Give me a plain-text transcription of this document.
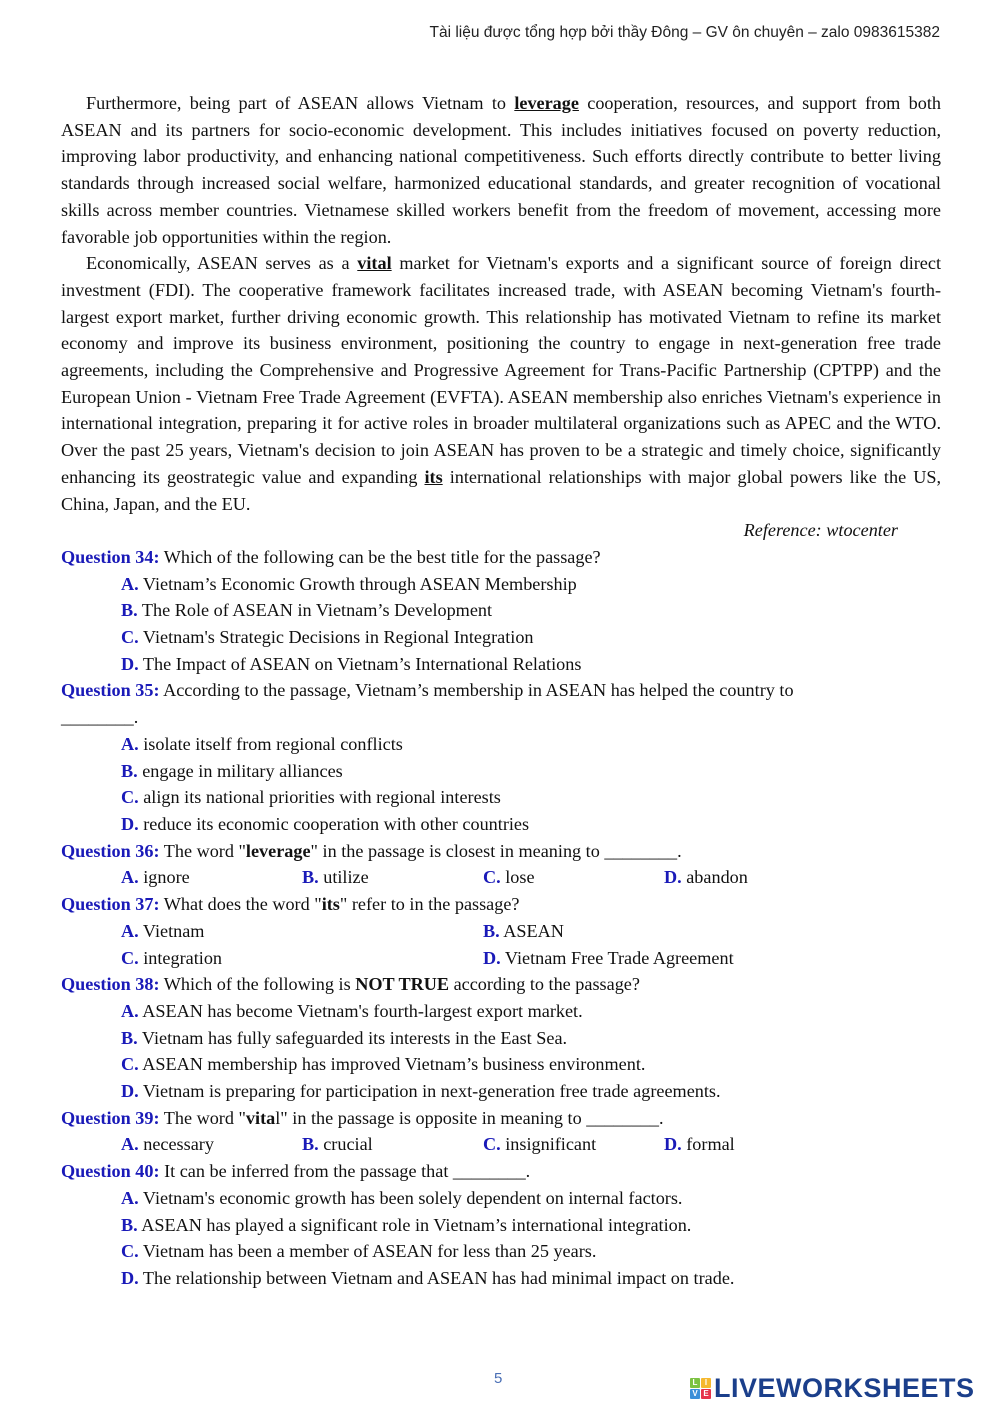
Tài liệu được tổng hợp bởi thầy Đông – GV ôn chuyên – zalo 0983615382

Furthermore, being part of ASEAN allows Vietnam to leverage cooperation, resources, and support from both ASEAN and its partners for socio-economic development. This includes initiatives focused on poverty reduction, improving labor productivity, and enhancing national competitiveness. Such efforts directly contribute to better living standards through increased social welfare, harmonized educational standards, and greater recognition of vocational skills across member countries. Vietnamese skilled workers benefit from the freedom of movement, accessing more favorable job opportunities within the region.

Economically, ASEAN serves as a vital market for Vietnam's exports and a significant source of foreign direct investment (FDI). The cooperative framework facilitates increased trade, with ASEAN becoming Vietnam's fourth-largest export market, further driving economic growth. This relationship has motivated Vietnam to refine its market economy and improve its business environment, positioning the country to engage in next-generation free trade agreements, including the Comprehensive and Progressive Agreement for Trans-Pacific Partnership (CPTPP) and the European Union - Vietnam Free Trade Agreement (EVFTA). ASEAN membership also enriches Vietnam's experience in international integration, preparing it for active roles in broader multilateral organizations such as APEC and the WTO. Over the past 25 years, Vietnam's decision to join ASEAN has proven to be a strategic and timely choice, significantly enhancing its geostrategic value and expanding its international relationships with major global powers like the US, China, Japan, and the EU.

Reference: wtocenter
Question 34: Which of the following can be the best title for the passage?
A. Vietnam’s Economic Growth through ASEAN Membership
B. The Role of ASEAN in Vietnam’s Development
C. Vietnam's Strategic Decisions in Regional Integration
D. The Impact of ASEAN on Vietnam’s International Relations
Question 35: According to the passage, Vietnam’s membership in ASEAN has helped the country to
________.
A. isolate itself from regional conflicts
B. engage in military alliances
C. align its national priorities with regional interests
D. reduce its economic cooperation with other countries
Question 36: The word "leverage" in the passage is closest in meaning to ________.
A. ignore	B. utilize	C. lose	D. abandon
Question 37: What does the word "its" refer to in the passage?
A. Vietnam	B. ASEAN
C. integration	D. Vietnam Free Trade Agreement
Question 38: Which of the following is NOT TRUE according to the passage?
A. ASEAN has become Vietnam's fourth-largest export market.
B. Vietnam has fully safeguarded its interests in the East Sea.
C. ASEAN membership has improved Vietnam’s business environment.
D. Vietnam is preparing for participation in next-generation free trade agreements.
Question 39: The word "vital" in the passage is opposite in meaning to ________.
A. necessary	B. crucial	C. insignificant	D. formal
Question 40: It can be inferred from the passage that ________.
A. Vietnam's economic growth has been solely dependent on internal factors.
B. ASEAN has played a significant role in Vietnam’s international integration.
C. Vietnam has been a member of ASEAN for less than 25 years.
D. The relationship between Vietnam and ASEAN has had minimal impact on trade.
5	L I
V E LIVEWORKSHEETS
